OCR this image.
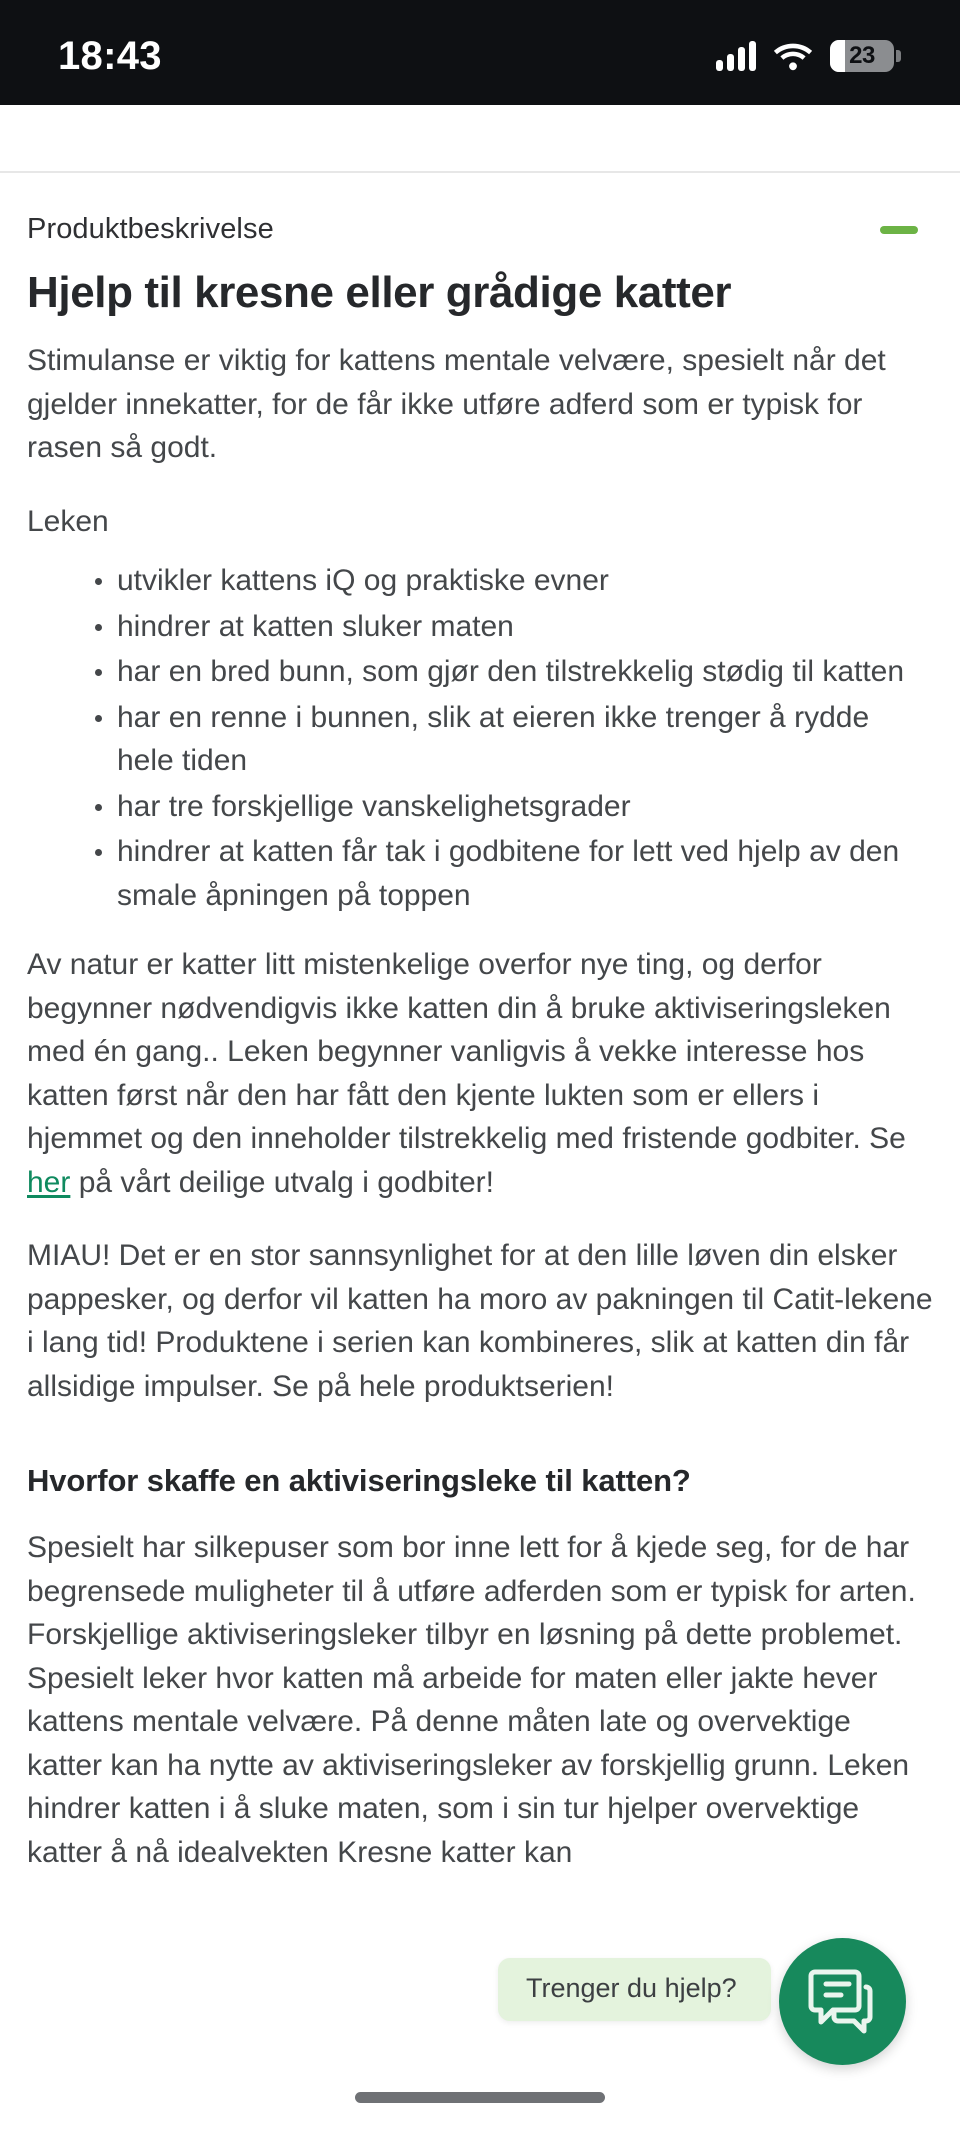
18:43	23
Produktbeskrivelse
Hjelp til kresne eller grådige katter

Stimulanse er viktig for kattens mentale velvære, spesielt når det gjelder innekatter, for de får ikke utføre adferd som er typisk for rasen så godt.

Leken

utvikler kattens iQ og praktiske evner
hindrer at katten sluker maten
har en bred bunn, som gjør den tilstrekkelig stødig til katten
har en renne i bunnen, slik at eieren ikke trenger å rydde hele tiden
har tre forskjellige vanskelighetsgrader
hindrer at katten får tak i godbitene for lett ved hjelp av den smale åpningen på toppen

Av natur er katter litt mistenkelige overfor nye ting, og derfor begynner nødvendigvis ikke katten din å bruke aktiviseringsleken med én gang.. Leken begynner vanligvis å vekke interesse hos katten først når den har fått den kjente lukten som er ellers i hjemmet og den inneholder tilstrekkelig med fristende godbiter. Se her på vårt deilige utvalg i godbiter!

MIAU! Det er en stor sannsynlighet for at den lille løven din elsker pappesker, og derfor vil katten ha moro av pakningen til Catit-lekene i lang tid! Produktene i serien kan kombineres, slik at katten din får allsidige impulser. Se på hele produktserien!

Hvorfor skaffe en aktiviseringsleke til katten?

Spesielt har silkepuser som bor inne lett for å kjede seg, for de har begrensede muligheter til å utføre adferden som er typisk for arten. Forskjellige aktiviseringsleker tilbyr en løsning på dette problemet. Spesielt leker hvor katten må arbeide for maten eller jakte hever kattens mentale velvære. På denne måten late og overvektige katter kan ha nytte av aktiviseringsleker av forskjellig grunn. Leken hindrer katten i å sluke maten, som i sin tur hjelper overvektige katter å nå idealvekten Kresne katter kan

Trenger du hjelp?
